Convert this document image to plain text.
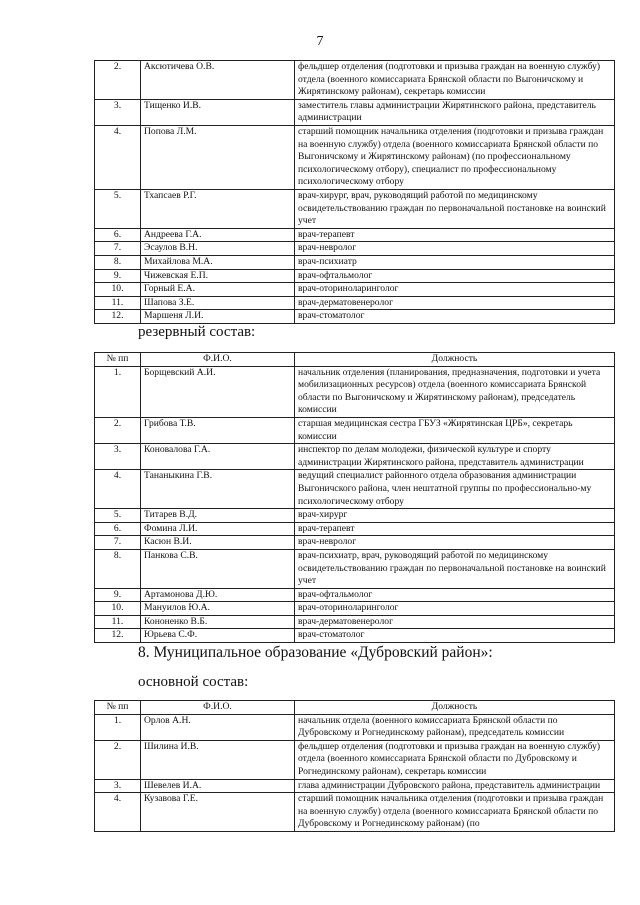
7
2.	Аксютичева О.В.	фельдшер отделения (подготовки и призыва граждан на военную службу) отдела (военного комиссариата Брянской области по Выгоничскому и Жирятинскому районам), секретарь комиссии
3.	Тищенко И.В.	заместитель главы администрации Жирятинского района, представитель администрации
4.	Попова Л.М.	старший помощник начальника отделения (подготовки и призыва граждан на военную службу) отдела (военного комиссариата Брянской области по Выгоничскому и Жирятинскому районам) (по профессиональному психологическому отбору), специалист по профессиональному психологическому отбору
5.	Тхапсаев Р.Г.	врач-хирург, врач, руководящий работой по медицинскому освидетельствованию граждан по первоначальной постановке на воинский учет
6.	Андреева Г.А.	врач-терапевт
7.	Эсаулов В.Н.	врач-невролог
8.	Михайлова М.А.	врач-психиатр
9.	Чижевская Е.П.	врач-офтальмолог
10.	Горный Е.А.	врач-оториноларинголог
11.	Шапова З.Е.	врач-дерматовенеролог
12.	Маршеня Л.И.	врач-стоматолог
резервный состав:
№ пп	Ф.И.О.	Должность
1.	Борщевский А.И.	начальник отделения (планирования, предназначения, подготовки и учета мобилизационных ресурсов) отдела (военного комиссариата Брянской области по Выгоничскому и Жирятинскому районам), председатель комиссии
2.	Грибова Т.В.	старшая медицинская сестра ГБУЗ «Жирятинская ЦРБ», секретарь комиссии
3.	Коновалова Г.А.	инспектор по делам молодежи, физической культуре и спорту администрации Жирятинского района, представитель администрации
4.	Тананыкина Г.В.	ведущий специалист районного отдела образования администрации Выгоничского района, член нештатной группы по профессионально-му психологическому отбору
5.	Титарев В.Д.	врач-хирург
6.	Фомина Л.И.	врач-терапевт
7.	Касюн В.И.	врач-невролог
8.	Панкова С.В.	врач-психиатр, врач, руководящий работой по медицинскому освидетельствованию граждан по первоначальной постановке на воинский учет
9.	Артамонова Д.Ю.	врач-офтальмолог
10.	Мануилов Ю.А.	врач-оториноларинголог
11.	Кононенко В.Б.	врач-дерматовенеролог
12.	Юрьева С.Ф.	врач-стоматолог
8. Муниципальное образование «Дубровский район»:
основной состав:
№ пп	Ф.И.О.	Должность
1.	Орлов А.Н.	начальник отдела (военного комиссариата Брянской области по Дубровскому и Рогнединскому районам), председатель комиссии
2.	Шилина И.В.	фельдшер отделения (подготовки и призыва граждан на военную службу) отдела (военного комиссариата Брянской области по Дубровскому и Рогнединскому районам), секретарь комиссии
3.	Шевелев И.А.	глава администрации Дубровского района, представитель администрации
4.	Кузавова Г.Е.	старший помощник начальника отделения (подготовки и призыва граждан на военную службу) отдела (военного комиссариата Брянской области по Дубровскому и Рогнединскому районам) (по
